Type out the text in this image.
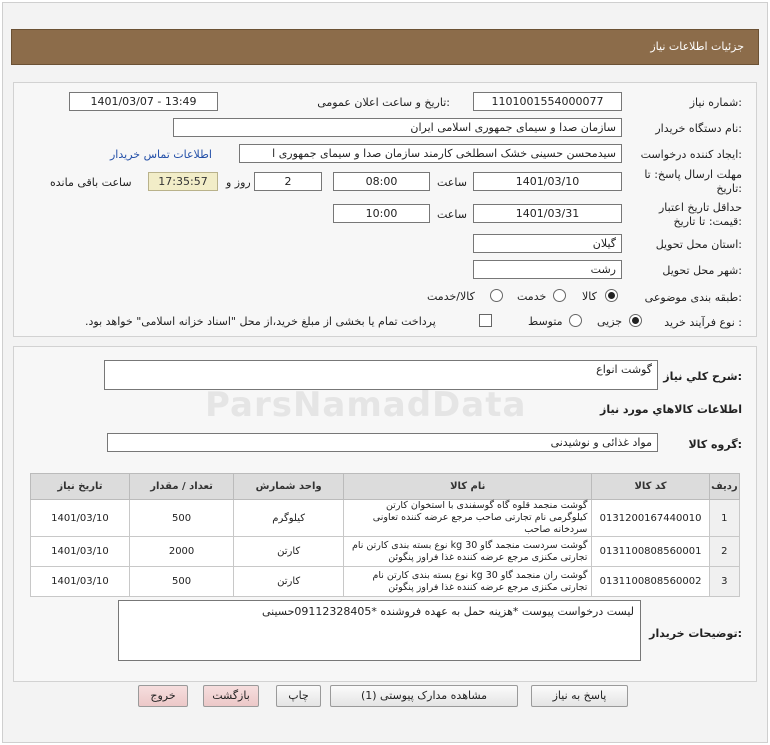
جزئیات اطلاعات نیاز
شماره نیاز:
1101001554000077
تاریخ و ساعت اعلان عمومی:
1401/03/07 - 13:49
نام دستگاه خریدار:
سازمان صدا و سیمای جمهوری اسلامی ایران
ایجاد کننده درخواست:
سیدمحسن حسینی خشک اسطلخی کارمند سازمان صدا و سیمای جمهوری ا
اطلاعات تماس خریدار
مهلت ارسال پاسخ: تا تاریخ:
1401/03/10
ساعت
08:00
2
روز و
17:35:57
ساعت باقی مانده
حداقل تاریخ اعتبار قیمت: تا تاریخ:
1401/03/31
ساعت
10:00
استان محل تحویل:
گیلان
شهر محل تحویل:
رشت
طبقه بندی موضوعی:
کالا
خدمت
کالا/خدمت
نوع فرآیند خرید :
جزیی
متوسط
پرداخت تمام یا بخشی از مبلغ خرید،از محل "اسناد خزانه اسلامی" خواهد بود.
شرح کلي نياز:
گوشت انواع
اطلاعات کالاهاي مورد نياز
گروه کالا:
مواد غذائی و نوشیدنی
تاریخ نیاز	تعداد / مقدار	واحد شمارش	نام کالا	کد کالا	ردیف
1401/03/10	500	کیلوگرم	گوشت منجمد قلوه گاه گوسفندی با استخوان کارتن کیلوگرمی نام تجارتی صاحب مرجع عرضه کننده تعاونی سردخانه صاحب	0131200167440010	1
1401/03/10	2000	کارتن	گوشت سردست منجمد گاو 30 kg نوع بسته بندی کارتن نام تجارتی مکنزی مرجع عرضه کننده غذا فراوز پنگوئن	0131100808560001	2
1401/03/10	500	کارتن	گوشت ران منجمد گاو 30 kg نوع بسته بندی کارتن نام تجارتی مکنزی مرجع عرضه کننده غذا فراوز پنگوئن	0131100808560002	3
توضیحات خریدار:
لیست درخواست پیوست *هزینه حمل به عهده فروشنده *09112328405حسینی
پاسخ به نیاز
مشاهده مدارک پیوستی (1)
چاپ
بازگشت
خروج
